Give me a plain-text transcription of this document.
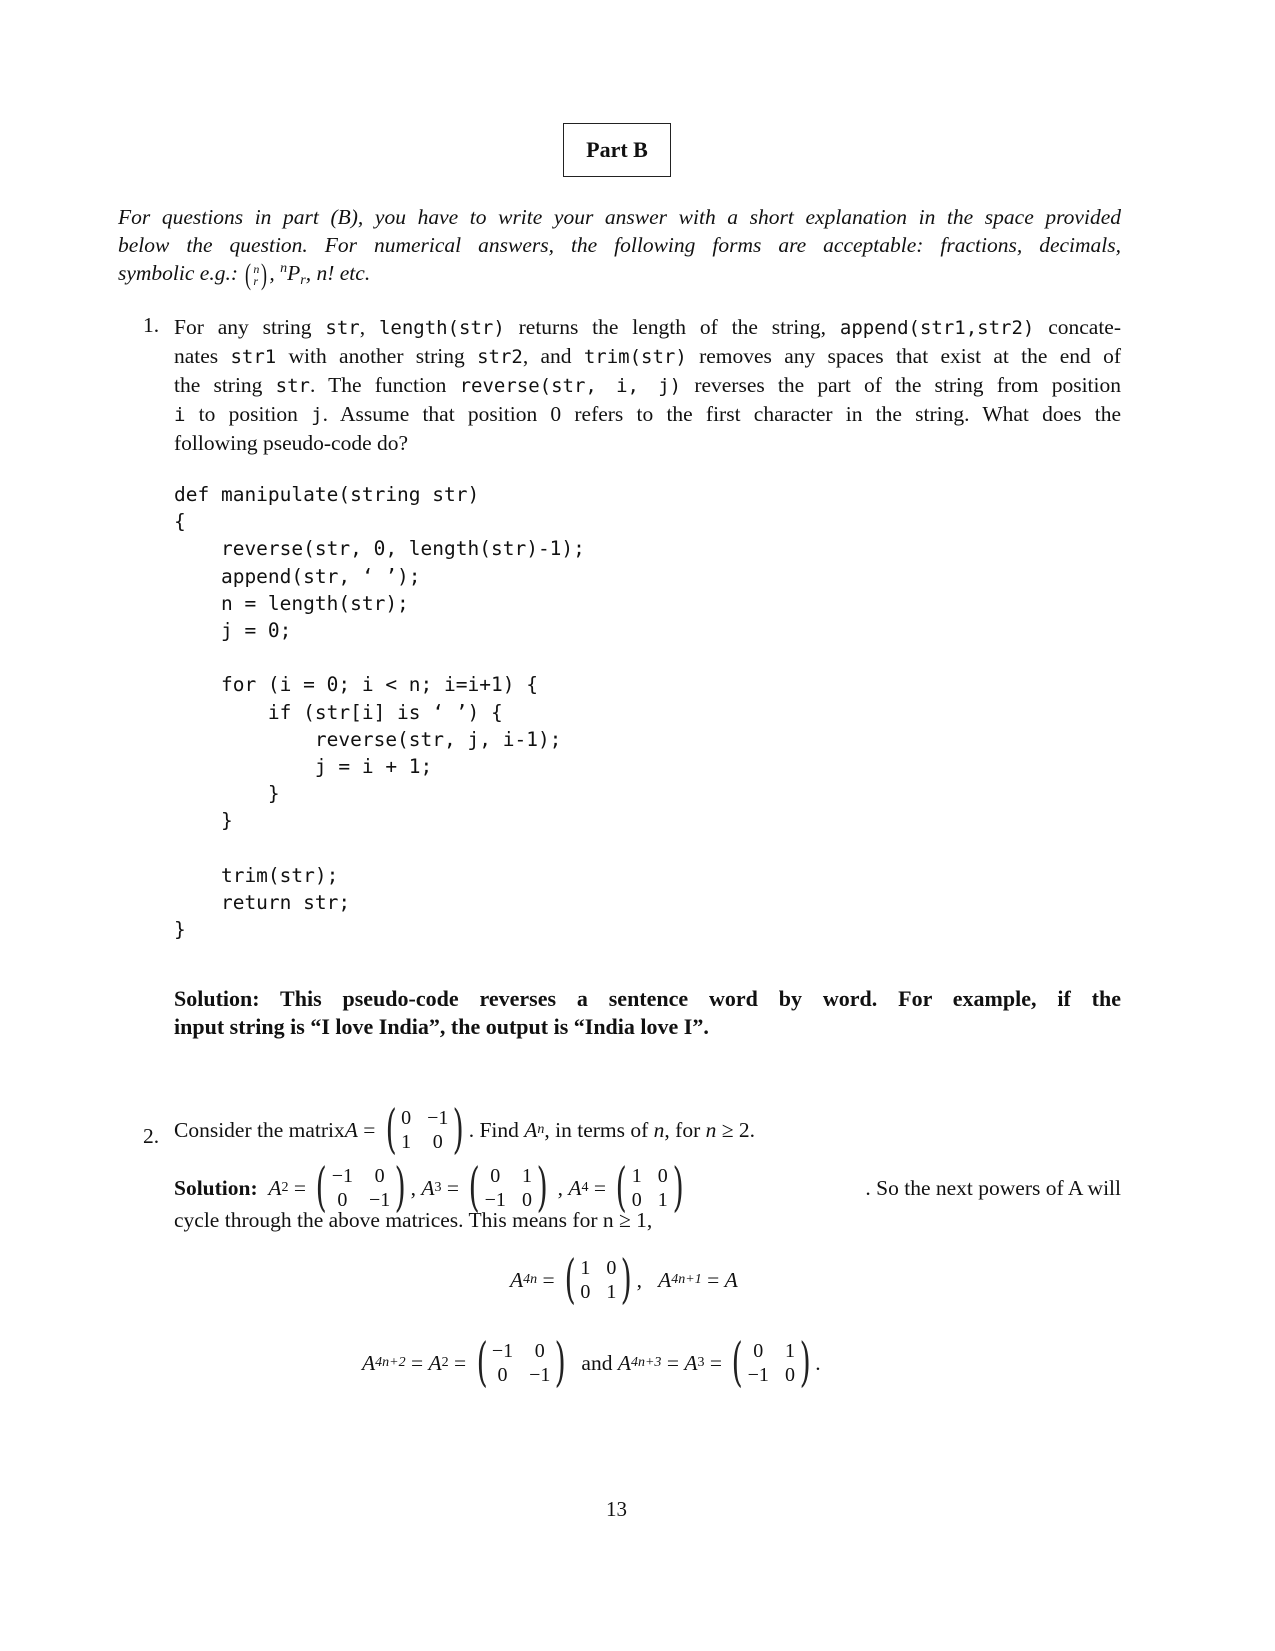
Part B
For questions in part (B), you have to write your answer with a short explanation in the space provided
below the question. For numerical answers, the following forms are acceptable: fractions, decimals,
symbolic e.g.: ( n
r ) , $^nP_r$, n! etc.
1. For any string str, length(str) returns the length of the string, append(str1,str2) concate-
nates str1 with another string str2, and trim(str) removes any spaces that exist at the end of
the string str. The function reverse(str, i, j) reverses the part of the string from position
i to position j. Assume that position 0 refers to the first character in the string. What does the
following pseudo-code do?
def manipulate(string str)
{
reverse(str, 0, length(str)-1);
append(str, ‘ ’);
n = length(str);
j = 0;
for (i = 0; i < n; i=i+1) {
if (str[i] is ‘ ’) {
reverse(str, j, i-1);
j = i + 1;
}
}
trim(str);
return str;
}
Solution: This pseudo-code reverses a sentence word by word. For example, if the
input string is “I love India”, the output is “India love I”.
2. Consider the matrix A = ( 0 −1
1 0 ) . Find
A n , in terms of
n , for
n ≥ 2.
Solution:
A 2 = ( −1 0
0 −1 ) , A 3 = ( 0 1
−1 0 ) , A 4 = ( 1 0
0 1 )	. So the next powers of A will
cycle through the above matrices. This means for n ≥ 1,
A 4n = ( 1 0
0 1 ) , A 4n+1 = A
A 4n+2 = A 2 = ( −1 0
0 −1 )
and
A 4n+3 = A 3 = ( 0 1
−1 0 ) .
13
